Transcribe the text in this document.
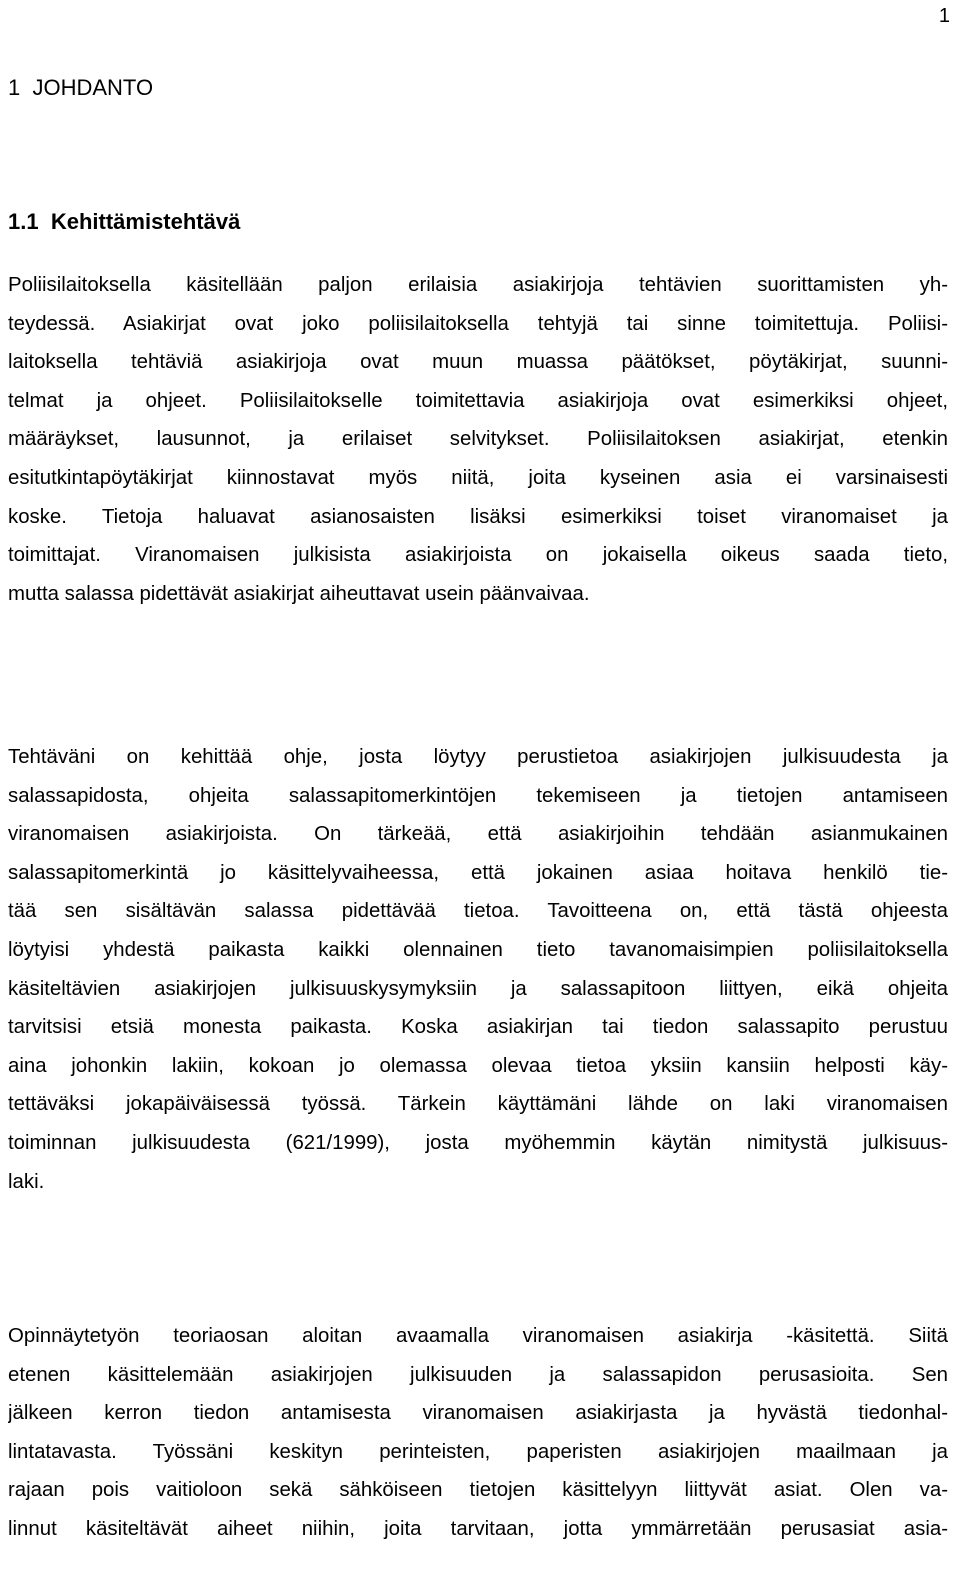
1
1 JOHDANTO
1.1 Kehittämistehtävä
Poliisilaitoksella käsitellään paljon erilaisia asiakirjoja tehtävien suorittamisten yh-
teydessä. Asiakirjat ovat joko poliisilaitoksella tehtyjä tai sinne toimitettuja. Poliisi-
laitoksella tehtäviä asiakirjoja ovat muun muassa päätökset, pöytäkirjat, suunni-
telmat ja ohjeet. Poliisilaitokselle toimitettavia asiakirjoja ovat esimerkiksi ohjeet,
määräykset, lausunnot, ja erilaiset selvitykset. Poliisilaitoksen asiakirjat, etenkin
esitutkintapöytäkirjat kiinnostavat myös niitä, joita kyseinen asia ei varsinaisesti
koske. Tietoja haluavat asianosaisten lisäksi esimerkiksi toiset viranomaiset ja
toimittajat. Viranomaisen julkisista asiakirjoista on jokaisella oikeus saada tieto,
mutta salassa pidettävät asiakirjat aiheuttavat usein päänvaivaa.
Tehtäväni on kehittää ohje, josta löytyy perustietoa asiakirjojen julkisuudesta ja
salassapidosta, ohjeita salassapitomerkintöjen tekemiseen ja tietojen antamiseen
viranomaisen asiakirjoista. On tärkeää, että asiakirjoihin tehdään asianmukainen
salassapitomerkintä jo käsittelyvaiheessa, että jokainen asiaa hoitava henkilö tie-
tää sen sisältävän salassa pidettävää tietoa. Tavoitteena on, että tästä ohjeesta
löytyisi yhdestä paikasta kaikki olennainen tieto tavanomaisimpien poliisilaitoksella
käsiteltävien asiakirjojen julkisuuskysymyksiin ja salassapitoon liittyen, eikä ohjeita
tarvitsisi etsiä monesta paikasta. Koska asiakirjan tai tiedon salassapito perustuu
aina johonkin lakiin, kokoan jo olemassa olevaa tietoa yksiin kansiin helposti käy-
tettäväksi jokapäiväisessä työssä. Tärkein käyttämäni lähde on laki viranomaisen
toiminnan julkisuudesta (621/1999), josta myöhemmin käytän nimitystä julkisuus-
laki.
Opinnäytetyön teoriaosan aloitan avaamalla viranomaisen asiakirja -käsitettä. Siitä
etenen käsittelemään asiakirjojen julkisuuden ja salassapidon perusasioita. Sen
jälkeen kerron tiedon antamisesta viranomaisen asiakirjasta ja hyvästä tiedonhal-
lintatavasta. Työssäni keskityn perinteisten, paperisten asiakirjojen maailmaan ja
rajaan pois vaitioloon sekä sähköiseen tietojen käsittelyyn liittyvät asiat. Olen va-
linnut käsiteltävät aiheet niihin, joita tarvitaan, jotta ymmärretään perusasiat asia-
